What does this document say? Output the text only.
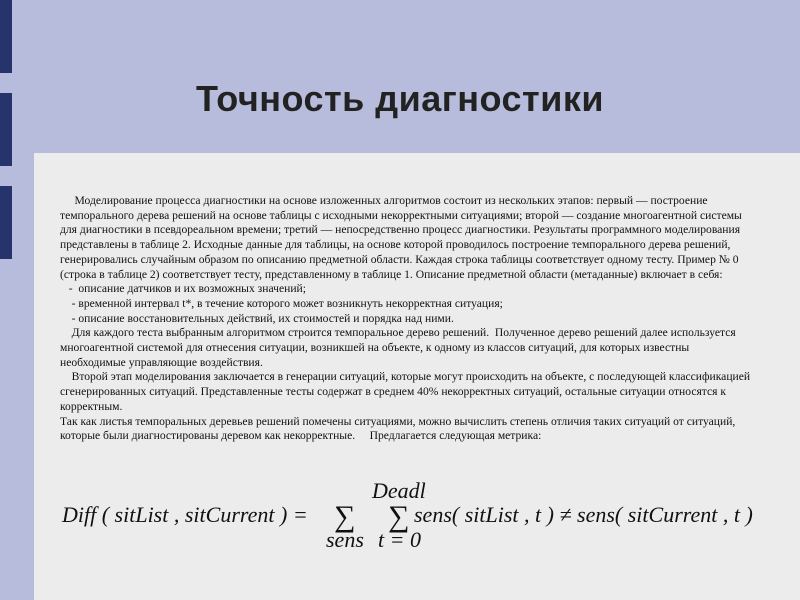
Точность диагностики

Моделирование процесса диагностики на основе изложенных алгоритмов состоит из нескольких этапов: первый — построение темпорального дерева решений на основе таблицы с исходными некорректными ситуациями; второй — создание многоагентной системы для диагностики в псевдореальном времени; третий — непосредственно процесс диагностики. Результаты программного моделирования представлены в таблице 2. Исходные данные для таблицы, на основе которой проводилось построение темпорального дерева решений, генерировались случайным образом по описанию предметной области. Каждая строка таблицы соответствует одному тесту. Пример № 0 (строка в таблице 2) соответствует тесту, представленному в таблице 1. Описание предметной области (метаданные) включает в себя:

-  описание датчиков и их возможных значений;

- временной интервал t*, в течение которого может возникнуть некорректная ситуация;

- описание восстановительных действий, их стоимостей и порядка над ними.

Для каждого теста выбранным алгоритмом строится темпоральное дерево решений.  Полученное дерево решений далее используется многоагентной системой для отнесения ситуации, возникшей на объекте, к одному из классов ситуаций, для которых известны необходимые управляющие воздействия.

Второй этап моделирования заключается в генерации ситуаций, которые могут происходить на объекте, с последующей классификацией сгенерированных ситуаций. Представленные тесты содержат в среднем 40% некорректных ситуаций, остальные ситуации относятся к корректным.

Так как листья темпоральных деревьев решений помечены ситуациями, можно вычислить степень отличия таких ситуаций от ситуаций, которые были диагностированы деревом как некорректные.     Предлагается следующая метрика:

Diff ( sitList , sitCurrent ) = ∑
Deadl
∑ sens( sitList , t ) ≠ sens( sitCurrent , t )
sens t = 0
